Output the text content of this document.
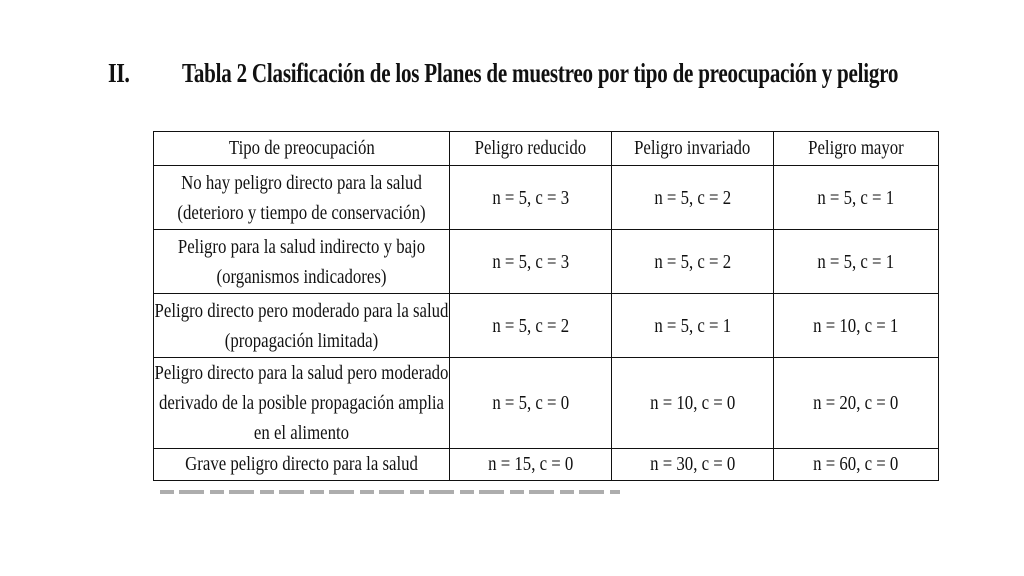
II. Tabla 2 Clasificación de los Planes de muestreo por tipo de preocupación y peligro
Tipo de preocupación	Peligro reducido	Peligro invariado	Peligro mayor

No hay peligro directo para la salud (deterioro y tiempo de conservación)	n = 5, c = 3	n = 5, c = 2	n = 5, c = 1

Peligro para la salud indirecto y bajo (organismos indicadores)	n = 5, c = 3	n = 5, c = 2	n = 5, c = 1

Peligro directo pero moderado para la salud (propagación limitada)	n = 5, c = 2	n = 5, c = 1	n = 10, c = 1

Peligro directo para la salud pero moderado derivado de la posible propagación amplia en el alimento	n = 5, c = 0	n = 10, c = 0	n = 20, c = 0
Grave peligro directo para la salud	n = 15, c = 0	n = 30, c = 0	n = 60, c = 0
